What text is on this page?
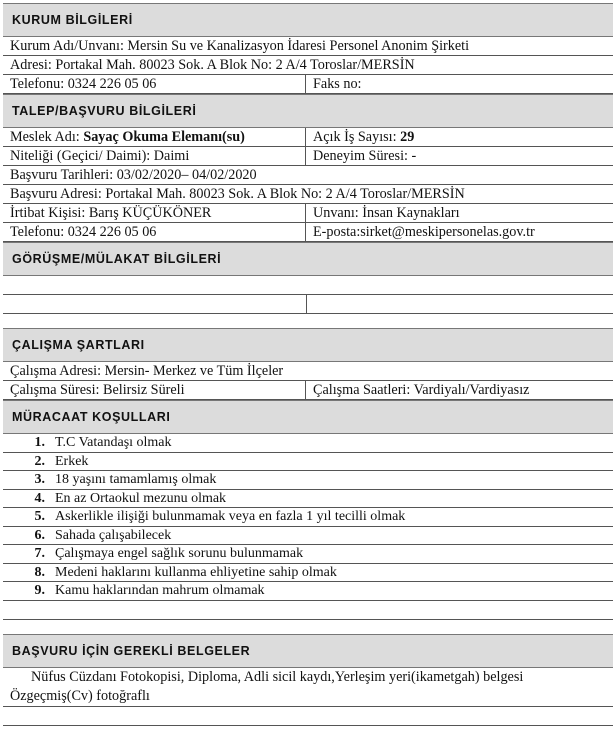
KURUM BİLGİLERİ
Kurum Adı/Unvanı: Mersin Su ve Kanalizasyon İdaresi Personel Anonim Şirketi
Adresi: Portakal Mah. 80023 Sok. A Blok No: 2 A/4 Toroslar/MERSİN
Telefonu: 0324 226 05 06	Faks no:
TALEP/BAŞVURU BİLGİLERİ
Meslek Adı: Sayaç Okuma Elemanı(su)	Açık İş Sayısı: 29
Niteliği (Geçici/ Daimi): Daimi	Deneyim Süresi: -
Başvuru Tarihleri: 03/02/2020– 04/02/2020
Başvuru Adresi: Portakal Mah. 80023 Sok. A Blok No: 2 A/4 Toroslar/MERSİN
İrtibat Kişisi: Barış KÜÇÜKÖNER	Unvanı: İnsan Kaynakları
Telefonu: 0324 226 05 06	E-posta:sirket@meskipersonelas.gov.tr
GÖRÜŞME/MÜLAKAT BİLGİLERİ
ÇALIŞMA ŞARTLARI
Çalışma Adresi: Mersin- Merkez ve Tüm İlçeler
Çalışma Süresi: Belirsiz Süreli	Çalışma Saatleri: Vardiyalı/Vardiyasız
MÜRACAAT KOŞULLARI
1. T.C Vatandaşı olmak
2. Erkek
3. 18 yaşını tamamlamış olmak
4. En az Ortaokul mezunu olmak
5. Askerlikle ilişiği bulunmamak veya en fazla 1 yıl tecilli olmak
6. Sahada çalışabilecek
7. Çalışmaya engel sağlık sorunu bulunmamak
8. Medeni haklarını kullanma ehliyetine sahip olmak
9. Kamu haklarından mahrum olmamak
BAŞVURU İÇİN GEREKLİ BELGELER
Nüfus Cüzdanı Fotokopisi, Diploma, Adli sicil kaydı,Yerleşim yeri(ikametgah) belgesi
Özgeçmiş(Cv) fotoğraflı
